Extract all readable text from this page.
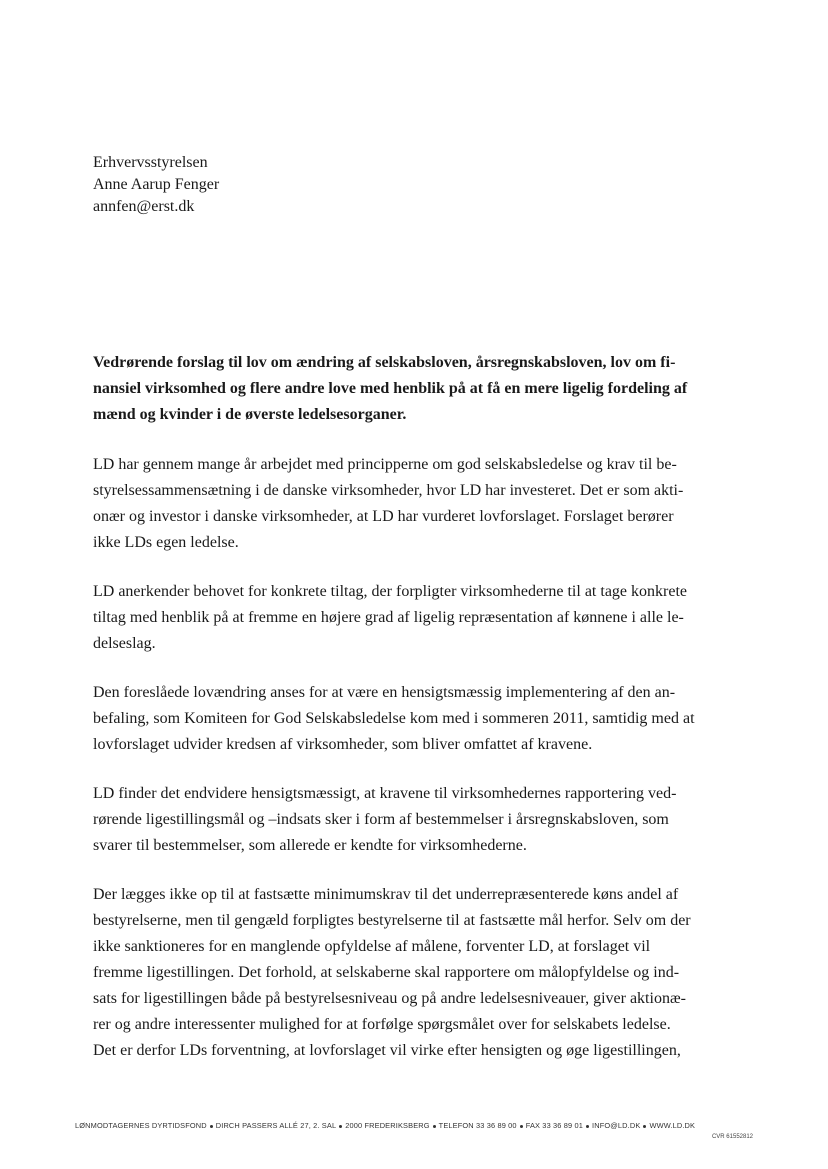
Erhvervsstyrelsen
Anne Aarup Fenger
annfen@erst.dk
Vedrørende forslag til lov om ændring af selskabsloven, årsregnskabsloven, lov om fi-
nansiel virksomhed og flere andre love med henblik på at få en mere ligelig fordeling af
mænd og kvinder i de øverste ledelsesorganer.
LD har gennem mange år arbejdet med principperne om god selskabsledelse og krav til be-
styrelsessammensætning i de danske virksomheder, hvor LD har investeret. Det er som akti-
onær og investor i danske virksomheder, at LD har vurderet lovforslaget. Forslaget berører
ikke LDs egen ledelse.
LD anerkender behovet for konkrete tiltag, der forpligter virksomhederne til at tage konkrete
tiltag med henblik på at fremme en højere grad af ligelig repræsentation af kønnene i alle le-
delseslag.
Den foreslåede lovændring anses for at være en hensigtsmæssig implementering af den an-
befaling, som Komiteen for God Selskabsledelse kom med i sommeren 2011, samtidig med at
lovforslaget udvider kredsen af virksomheder, som bliver omfattet af kravene.
LD finder det endvidere hensigtsmæssigt, at kravene til virksomhedernes rapportering ved-
rørende ligestillingsmål og –indsats sker i form af bestemmelser i årsregnskabsloven, som
svarer til bestemmelser, som allerede er kendte for virksomhederne.
Der lægges ikke op til at fastsætte minimumskrav til det underrepræsenterede køns andel af
bestyrelserne, men til gengæld forpligtes bestyrelserne til at fastsætte mål herfor. Selv om der
ikke sanktioneres for en manglende opfyldelse af målene, forventer LD, at forslaget vil
fremme ligestillingen. Det forhold, at selskaberne skal rapportere om målopfyldelse og ind-
sats for ligestillingen både på bestyrelsesniveau og på andre ledelsesniveauer, giver aktionæ-
rer og andre interessenter mulighed for at forfølge spørgsmålet over for selskabets ledelse.
Det er derfor LDs forventning, at lovforslaget vil virke efter hensigten og øge ligestillingen,
LØNMODTAGERNES DYRTIDSFOND DIRCH PASSERS ALLÉ 27, 2. SAL 2000 FREDERIKSBERG TELEFON 33 36 89 00 FAX 33 36 89 01 INFO@LD.DK WWW.LD.DK
CVR 61552812
